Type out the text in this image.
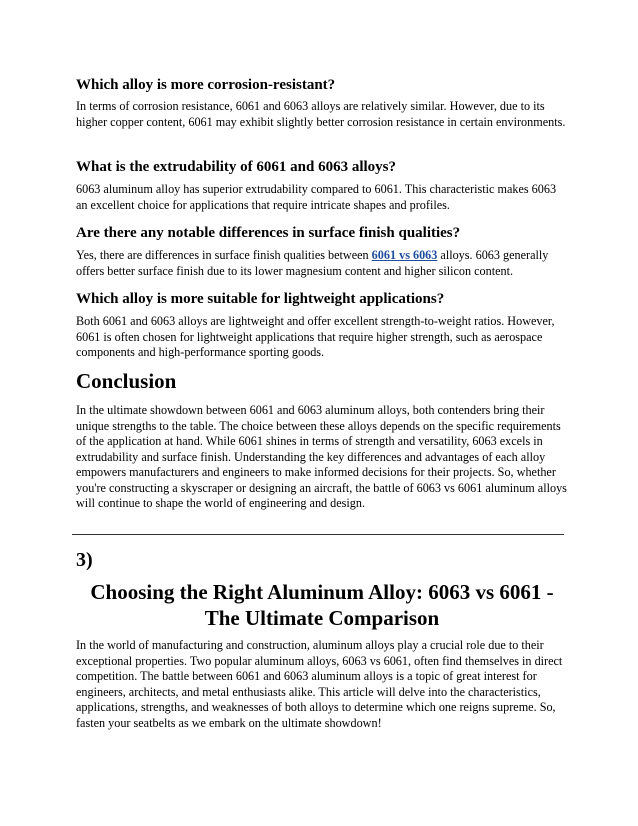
Which alloy is more corrosion-resistant?

In terms of corrosion resistance, 6061 and 6063 alloys are relatively similar. However, due to its higher copper content, 6061 may exhibit slightly better corrosion resistance in certain environments.

What is the extrudability of 6061 and 6063 alloys?

6063 aluminum alloy has superior extrudability compared to 6061. This characteristic makes 6063 an excellent choice for applications that require intricate shapes and profiles.

Are there any notable differences in surface finish qualities?

Yes, there are differences in surface finish qualities between 6061 vs 6063 alloys. 6063 generally offers better surface finish due to its lower magnesium content and higher silicon content.

Which alloy is more suitable for lightweight applications?

Both 6061 and 6063 alloys are lightweight and offer excellent strength-to-weight ratios. However, 6061 is often chosen for lightweight applications that require higher strength, such as aerospace components and high-performance sporting goods.

Conclusion

In the ultimate showdown between 6061 and 6063 aluminum alloys, both contenders bring their unique strengths to the table. The choice between these alloys depends on the specific requirements of the application at hand. While 6061 shines in terms of strength and versatility, 6063 excels in extrudability and surface finish. Understanding the key differences and advantages of each alloy empowers manufacturers and engineers to make informed decisions for their projects. So, whether you're constructing a skyscraper or designing an aircraft, the battle of 6063 vs 6061 aluminum alloys will continue to shape the world of engineering and design.

3)
Choosing the Right Aluminum Alloy: 6063 vs 6061 - The Ultimate Comparison

In the world of manufacturing and construction, aluminum alloys play a crucial role due to their exceptional properties. Two popular aluminum alloys, 6063 vs 6061, often find themselves in direct competition. The battle between 6061 and 6063 aluminum alloys is a topic of great interest for engineers, architects, and metal enthusiasts alike. This article will delve into the characteristics, applications, strengths, and weaknesses of both alloys to determine which one reigns supreme. So, fasten your seatbelts as we embark on the ultimate showdown!
